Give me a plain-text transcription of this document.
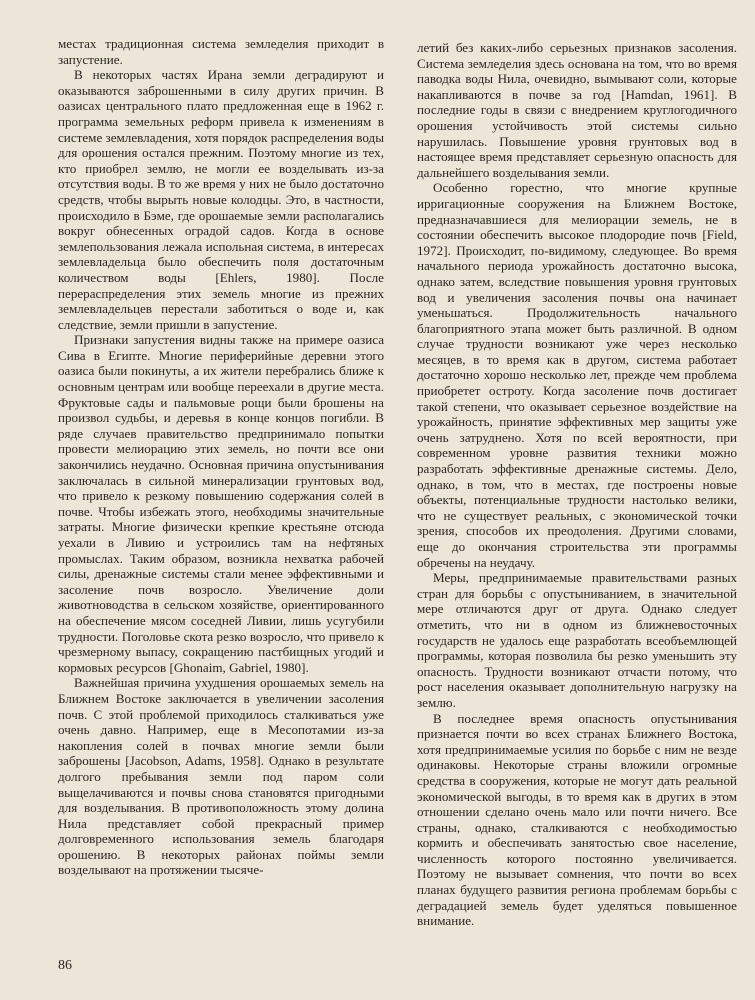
местах традиционная система земледелия приходит в запустение.

В некоторых частях Ирана земли деградируют и оказываются заброшенными в силу других причин. В оазисах центрального плато предложенная еще в 1962 г. программа земельных реформ привела к изменениям в системе землевладения, хотя порядок распределения воды для орошения остался прежним. Поэтому многие из тех, кто приобрел землю, не могли ее возделывать из-за отсутствия воды. В то же время у них не было достаточно средств, чтобы вырыть новые колодцы. Это, в частности, происходило в Бэме, где орошаемые земли располагались вокруг обнесенных оградой садов. Когда в основе землепользования лежала испольная система, в интересах землевладельца было обеспечить поля достаточным количеством воды [Ehlers, 1980]. После перераспределения этих земель многие из прежних землевладельцев перестали заботиться о воде и, как следствие, земли пришли в запустение.

Признаки запустения видны также на примере оазиса Сива в Египте. Многие периферийные деревни этого оазиса были покинуты, а их жители перебрались ближе к основным центрам или вообще переехали в другие места. Фруктовые сады и пальмовые рощи были брошены на произвол судьбы, и деревья в конце концов погибли. В ряде случаев правительство предпринимало попытки провести мелиорацию этих земель, но почти все они закончились неудачно. Основная причина опустынивания заключалась в сильной минерализации грунтовых вод, что привело к резкому повышению содержания солей в почве. Чтобы избежать этого, необходимы значительные затраты. Многие физически крепкие крестьяне отсюда уехали в Ливию и устроились там на нефтяных промыслах. Таким образом, возникла нехватка рабочей силы, дренажные системы стали менее эффективными и засоление почв возросло. Увеличение доли животноводства в сельском хозяйстве, ориентированного на обеспечение мясом соседней Ливии, лишь усугубили трудности. Поголовье скота резко возросло, что привело к чрезмерному выпасу, сокращению пастбищных угодий и кормовых ресурсов [Ghonaim, Gabriel, 1980].

Важнейшая причина ухудшения орошаемых земель на Ближнем Востоке заключается в увеличении засоления почв. С этой проблемой приходилось сталкиваться уже очень давно. Например, еще в Месопотамии из-за накопления солей в почвах многие земли были заброшены [Jacobson, Adams, 1958]. Однако в результате долгого пребывания земли под паром соли выщелачиваются и почвы снова становятся пригодными для возделывания. В противоположность этому долина Нила представляет собой прекрасный пример долговременного использования земель благодаря орошению. В некоторых районах поймы земли возделывают на протяжении тысяче-

летий без каких-либо серьезных признаков засоления. Система земледелия здесь основана на том, что во время паводка воды Нила, очевидно, вымывают соли, которые накапливаются в почве за год [Hamdan, 1961]. В последние годы в связи с внедрением круглогодичного орошения устойчивость этой системы сильно нарушилась. Повышение уровня грунтовых вод в настоящее время представляет серьезную опасность для дальнейшего возделывания земли.

Особенно горестно, что многие крупные ирригационные сооружения на Ближнем Востоке, предназначавшиеся для мелиорации земель, не в состоянии обеспечить высокое плодородие почв [Field, 1972]. Происходит, по-видимому, следующее. Во время начального периода урожайность достаточно высока, однако затем, вследствие повышения уровня грунтовых вод и увеличения засоления почвы она начинает уменьшаться. Продолжительность начального благоприятного этапа может быть различной. В одном случае трудности возникают уже через несколько месяцев, в то время как в другом, система работает достаточно хорошо несколько лет, прежде чем проблема приобретет остроту. Когда засоление почв достигает такой степени, что оказывает серьезное воздействие на урожайность, принятие эффективных мер защиты уже очень затруднено. Хотя по всей вероятности, при современном уровне развития техники можно разработать эффективные дренажные системы. Дело, однако, в том, что в местах, где построены новые объекты, потенциальные трудности настолько велики, что не существует реальных, с экономической точки зрения, способов их преодоления. Другими словами, еще до окончания строительства эти программы обречены на неудачу.

Меры, предпринимаемые правительствами разных стран для борьбы с опустыниванием, в значительной мере отличаются друг от друга. Однако следует отметить, что ни в одном из ближневосточных государств не удалось еще разработать всеобъемлющей программы, которая позволила бы резко уменьшить эту опасность. Трудности возникают отчасти потому, что рост населения оказывает дополнительную нагрузку на землю.

В последнее время опасность опустынивания признается почти во всех странах Ближнего Востока, хотя предпринимаемые усилия по борьбе с ним не везде одинаковы. Некоторые страны вложили огромные средства в сооружения, которые не могут дать реальной экономической выгоды, в то время как в других в этом отношении сделано очень мало или почти ничего. Все страны, однако, сталкиваются с необходимостью кормить и обеспечивать занятостью свое население, численность которого постоянно увеличивается. Поэтому не вызывает сомнения, что почти во всех планах будущего развития региона проблемам борьбы с деградацией земель будет уделяться повышенное внимание.

86
